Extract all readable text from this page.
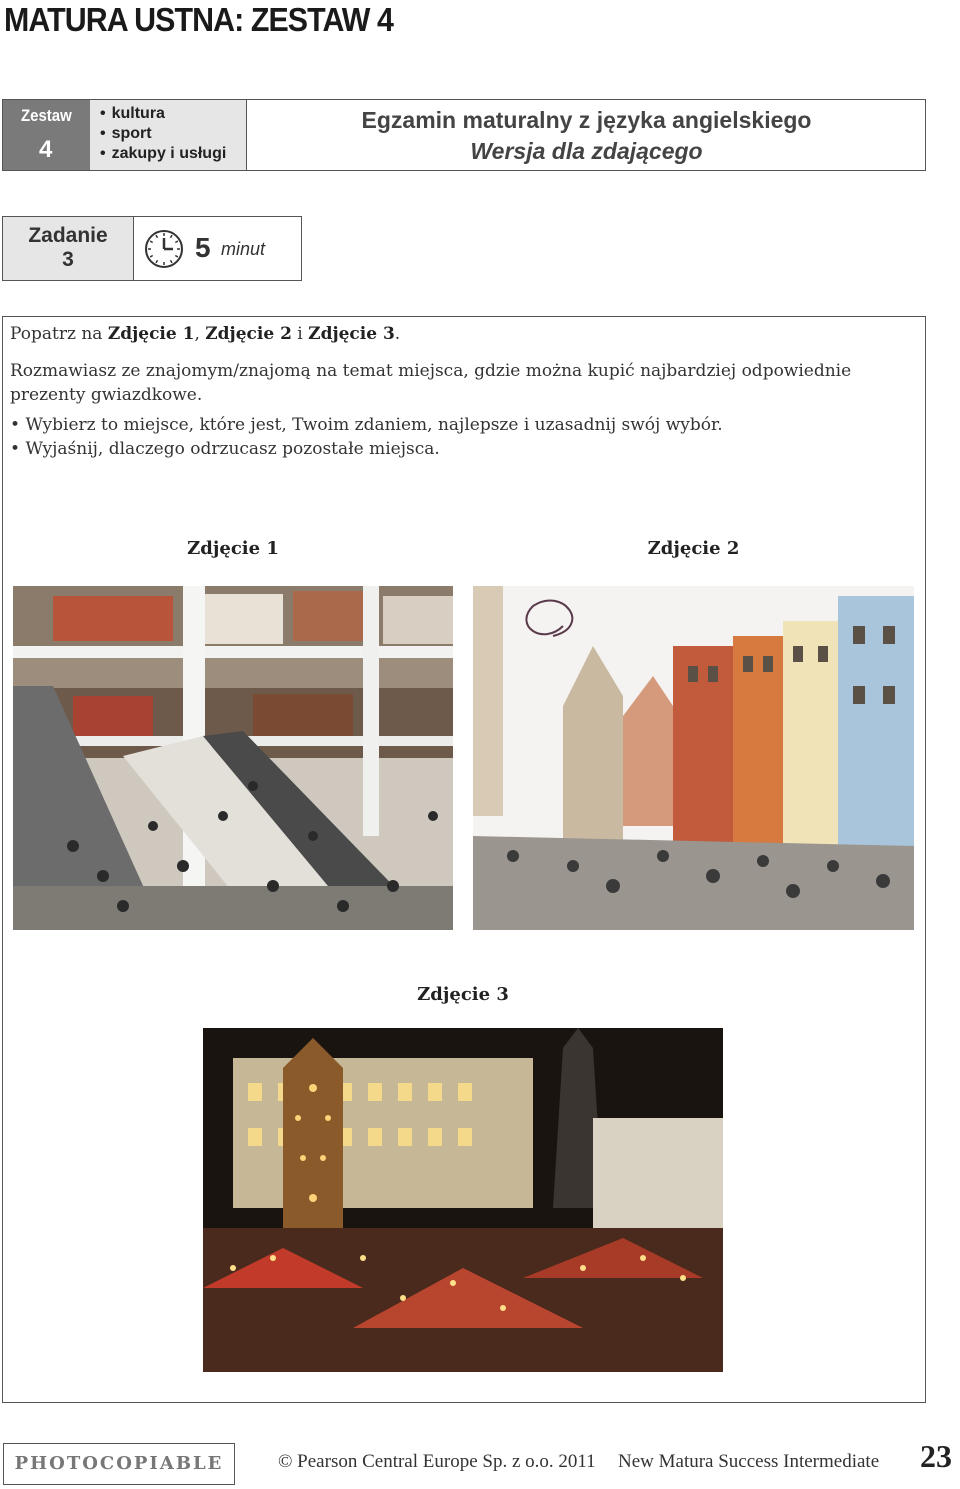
MATURA USTNA: ZESTAW 4
Zestaw
4
• kultura
• sport
• zakupy i usługi
Egzamin maturalny z języka angielskiego
Wersja dla zdającego
Zadanie
3	5 minut
Popatrz na Zdjęcie 1, Zdjęcie 2 i Zdjęcie 3.
Rozmawiasz ze znajomym/znajomą na temat miejsca, gdzie można kupić najbardziej odpowiednie prezenty gwiazdkowe.
• Wybierz to miejsce, które jest, Twoim zdaniem, najlepsze i uzasadnij swój wybór.
• Wyjaśnij, dlaczego odrzucasz pozostałe miejsca.
Zdjęcie 1	Zdjęcie 2
Zdjęcie 3
PHOTOCOPIABLE	© Pearson Central Europe Sp. z o.o. 2011 New Matura Success Intermediate 23
